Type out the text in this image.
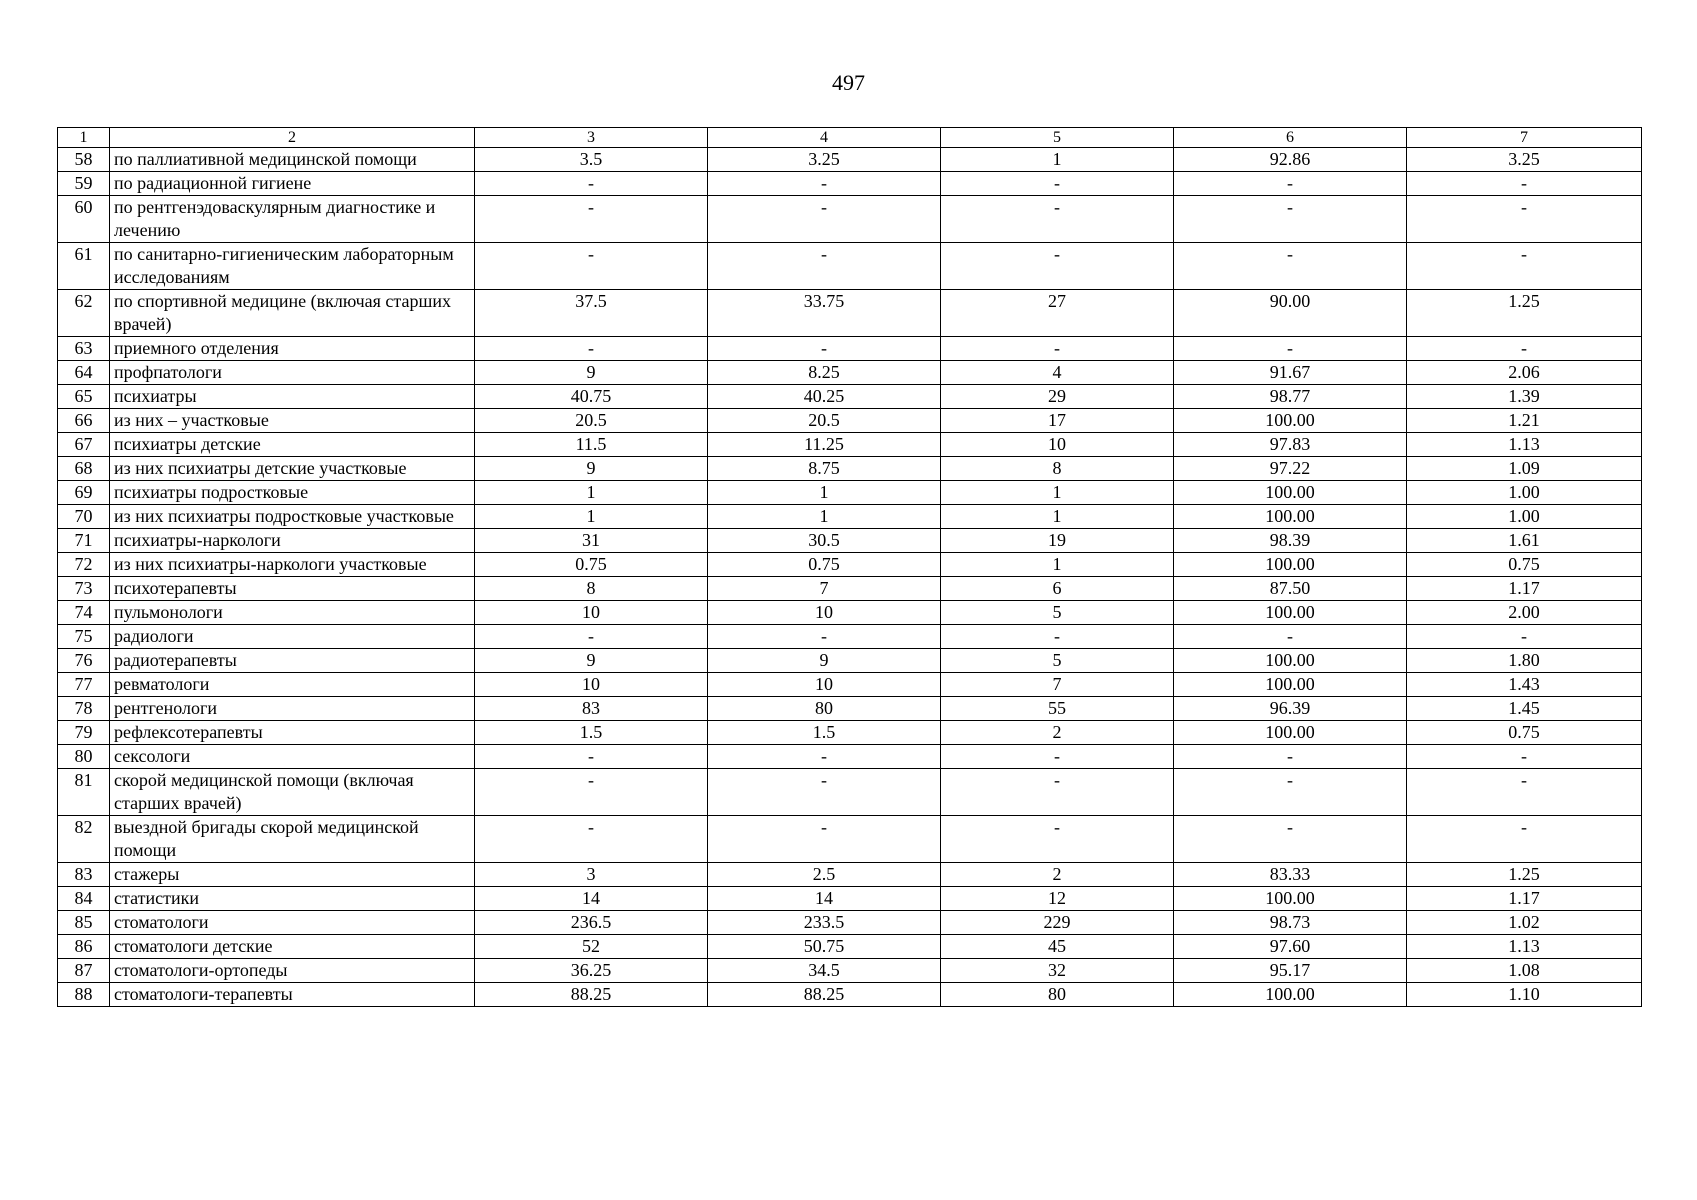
497
1	2	3	4	5	6	7
58	по паллиативной медицинской помощи	3.5	3.25	1	92.86	3.25
59	по радиационной гигиене	-	-	-	-	-
60	по рентгенэдоваскулярным диагностике и лечению	-	-	-	-	-
61	по санитарно-гигиеническим лабораторным исследованиям	-	-	-	-	-
62	по спортивной медицине (включая старших врачей)	37.5	33.75	27	90.00	1.25
63	приемного отделения	-	-	-	-	-
64	профпатологи	9	8.25	4	91.67	2.06
65	психиатры	40.75	40.25	29	98.77	1.39
66	из них – участковые	20.5	20.5	17	100.00	1.21
67	психиатры детские	11.5	11.25	10	97.83	1.13
68	из них психиатры детские участковые	9	8.75	8	97.22	1.09
69	психиатры подростковые	1	1	1	100.00	1.00
70	из них психиатры подростковые участковые	1	1	1	100.00	1.00
71	психиатры-наркологи	31	30.5	19	98.39	1.61
72	из них психиатры-наркологи участковые	0.75	0.75	1	100.00	0.75
73	психотерапевты	8	7	6	87.50	1.17
74	пульмонологи	10	10	5	100.00	2.00
75	радиологи	-	-	-	-	-
76	радиотерапевты	9	9	5	100.00	1.80
77	ревматологи	10	10	7	100.00	1.43
78	рентгенологи	83	80	55	96.39	1.45
79	рефлексотерапевты	1.5	1.5	2	100.00	0.75
80	сексологи	-	-	-	-	-
81	скорой медицинской помощи (включая старших врачей)	-	-	-	-	-
82	выездной бригады скорой медицинской помощи	-	-	-	-	-
83	стажеры	3	2.5	2	83.33	1.25
84	статистики	14	14	12	100.00	1.17
85	стоматологи	236.5	233.5	229	98.73	1.02
86	стоматологи детские	52	50.75	45	97.60	1.13
87	стоматологи-ортопеды	36.25	34.5	32	95.17	1.08
88	стоматологи-терапевты	88.25	88.25	80	100.00	1.10
